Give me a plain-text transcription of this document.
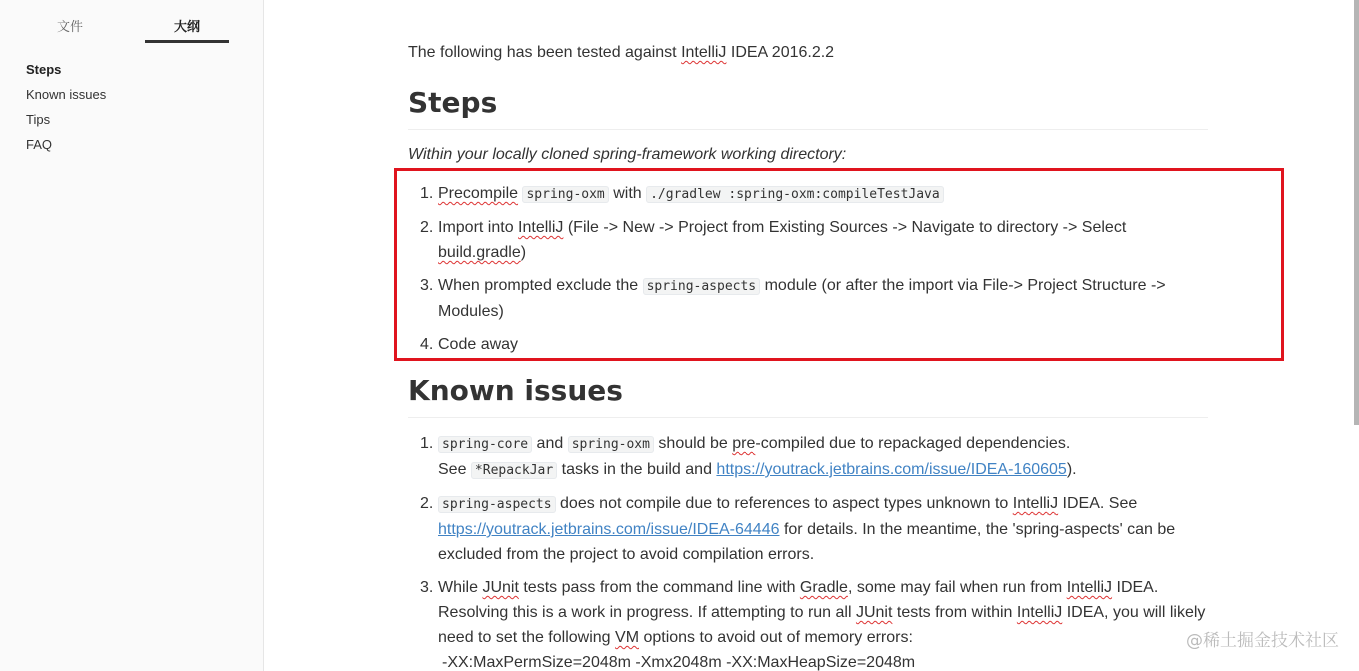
文件	大纲
Steps
Known issues
Tips
FAQ

The following has been tested against IntelliJ IDEA 2016.2.2

Steps

Within your locally cloned spring-framework working directory:

1. Precompile spring-oxm with ./gradlew :spring-oxm:compileTestJava
2. Import into IntelliJ (File -> New -> Project from Existing Sources -> Navigate to directory -> Select build.gradle)
3. When prompted exclude the spring-aspects module (or after the import via File-> Project Structure -> Modules)
4. Code away
Known issues
1. spring-core and spring-oxm should be pre-compiled due to repackaged dependencies.
See *RepackJar tasks in the build and https://youtrack.jetbrains.com/issue/IDEA-160605).
2. spring-aspects does not compile due to references to aspect types unknown to IntelliJ IDEA. See https://youtrack.jetbrains.com/issue/IDEA-64446 for details. In the meantime, the 'spring-aspects' can be excluded from the project to avoid compilation errors.
3. While JUnit tests pass from the command line with Gradle, some may fail when run from IntelliJ IDEA. Resolving this is a work in progress. If attempting to run all JUnit tests from within IntelliJ IDEA, you will likely need to set the following VM options to avoid out of memory errors:
-XX:MaxPermSize=2048m -Xmx2048m -XX:MaxHeapSize=2048m
@稀土掘金技术社区
